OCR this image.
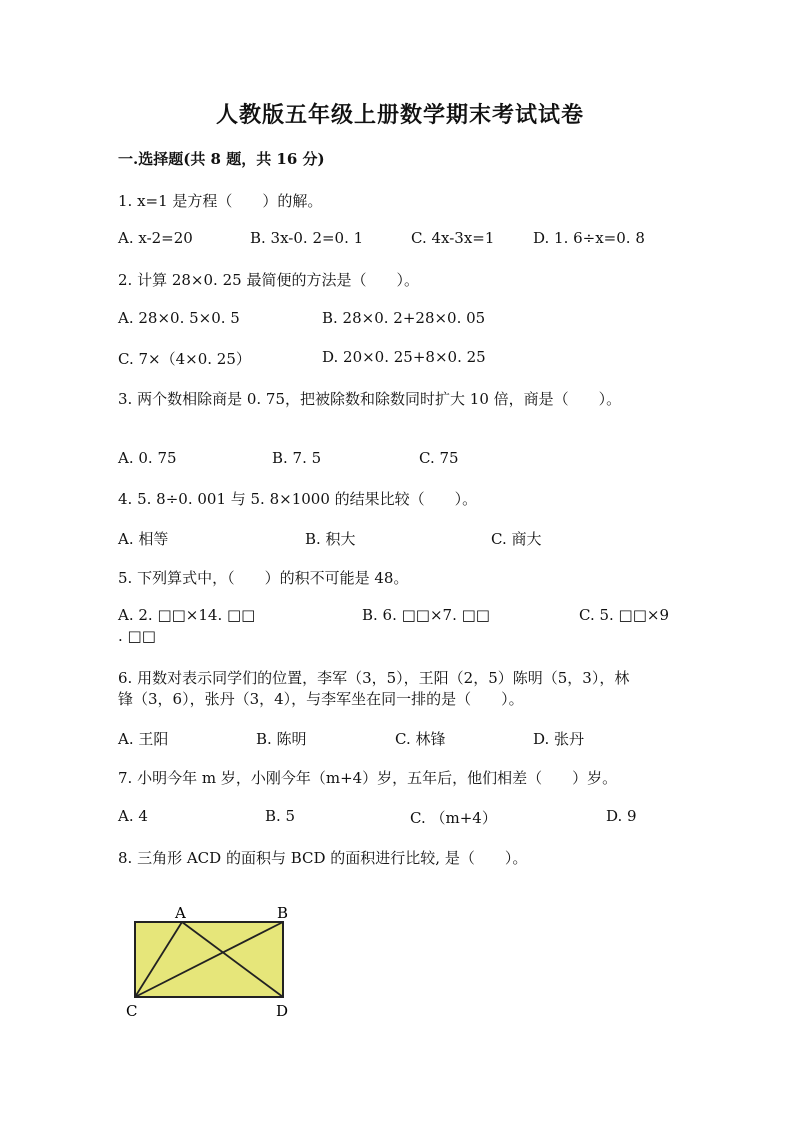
人教版五年级上册数学期末考试试卷
一.选择题(共 8 题，共 16 分)
1. x=1 是方程（　　）的解。
A. x-2=20	B. 3x-0. 2=0. 1	C. 4x-3x=1	D. 1. 6÷x=0. 8
2. 计算 28×0. 25 最简便的方法是（　　）。
A. 28×0. 5×0. 5	B. 28×0. 2+28×0. 05
C. 7×（4×0. 25）	D. 20×0. 25+8×0. 25
3. 两个数相除商是 0. 75，把被除数和除数同时扩大 10 倍，商是（　　）。
A. 0. 75	B. 7. 5	C. 75
4. 5. 8÷0. 001 与 5. 8×1000 的结果比较（　　）。
A. 相等	B. 积大	C. 商大
5. 下列算式中，（　　）的积不可能是 48。
A. 2. □□×14. □□	B. 6. □□×7. □□	C. 5. □□×9
. □□
6. 用数对表示同学们的位置，李军（3，5），王阳（2，5）陈明（5，3），林
锋（3，6），张丹（3，4），与李军坐在同一排的是（　　）。
A. 王阳	B. 陈明	C. 林锋	D. 张丹
7. 小明今年 m 岁，小刚今年（m+4）岁，五年后，他们相差（　　）岁。
A. 4	B. 5	C. （m+4）	D. 9
8. 三角形 ACD 的面积与 BCD 的面积进行比较, 是（　　）。
A	B
C	D
